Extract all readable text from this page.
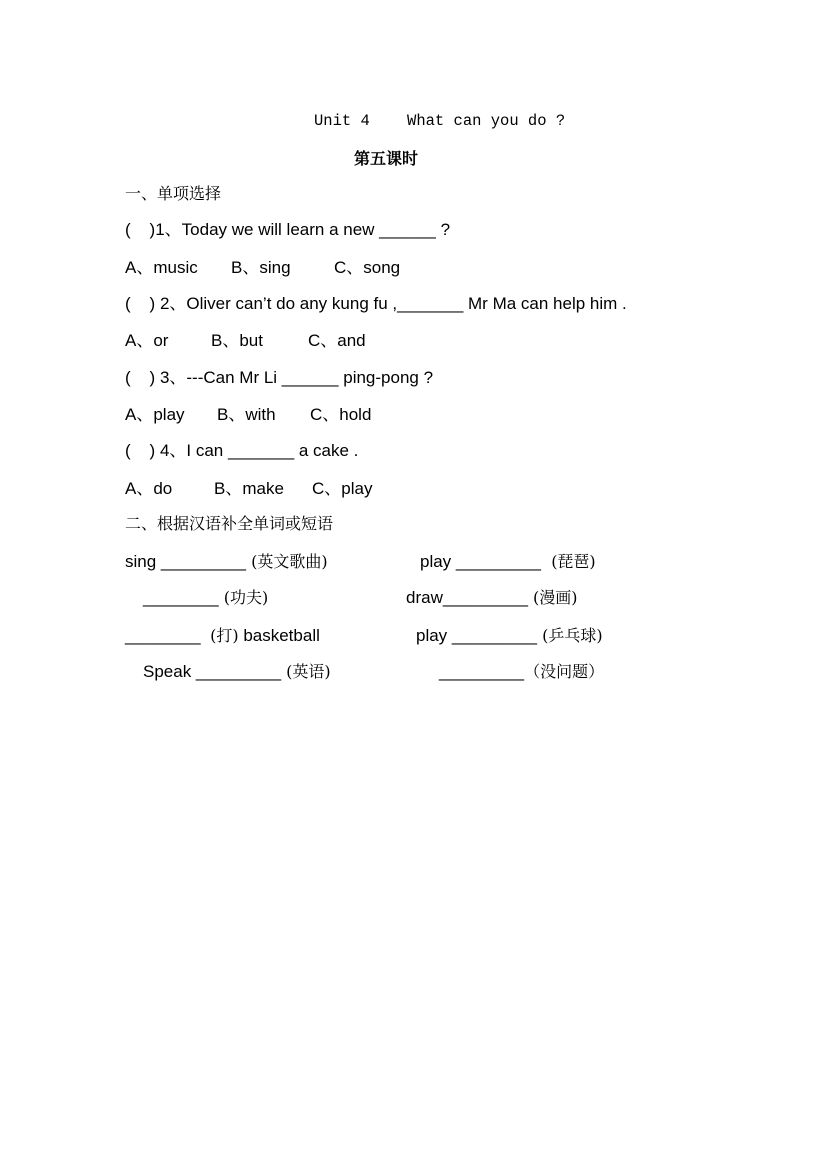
Unit 4    What can you do ?
第五课时
一、单项选择
(    )1、Today we will learn a new ______ ?
A、music B、sing	C、song
(    ) 2、Oliver can’t do any kung fu ,_______ Mr Ma can help him .
A、or	B、but	C、and
(    ) 3、---Can Mr Li ______ ping-pong ?
A、play B、with C、hold
(    ) 4、I can _______ a cake .
A、do B、make C、play
二、根据汉语补全单词或短语
sing _________ (英文歌曲)	play _________  (琵琶)
________ (功夫)	draw_________ (漫画)
________  (打) basketball	play _________ (乒乓球)
Speak _________ (英语)	_________（没问题）
